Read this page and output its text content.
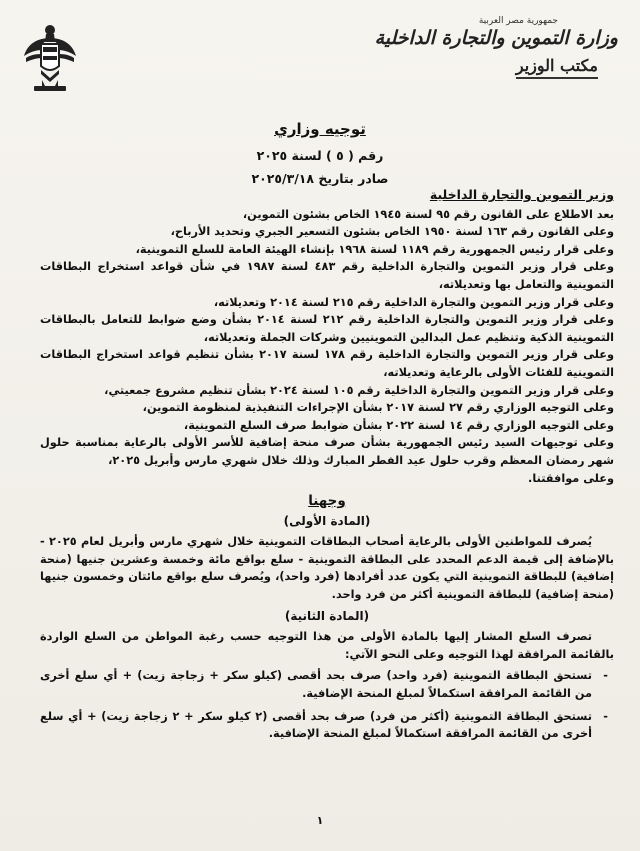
جمهورية مصر العربية
وزارة التموين والتجارة الداخلية
مكتب الوزير
توجيه وزاري
رقم ( ٥ ) لسنة ٢٠٢٥
صادر بتاريخ ٢٠٢٥/٣/١٨
وزير التموين والتجارة الداخلية

بعد الاطلاع على القانون رقم ٩٥ لسنة ١٩٤٥ الخاص بشئون التموين،

وعلى القانون رقم ١٦٣ لسنة ١٩٥٠ الخاص بشئون التسعير الجبري وتحديد الأرباح،

وعلى قرار رئيس الجمهورية رقم ١١٨٩ لسنة ١٩٦٨ بإنشاء الهيئة العامة للسلع التموينية،

وعلى قرار وزير التموين والتجارة الداخلية رقم ٤٨٣ لسنة ١٩٨٧ في شأن قواعد استخراج البطاقات التموينية والتعامل بها وتعديلاته،

وعلى قرار وزير التموين والتجارة الداخلية رقم ٢١٥ لسنة ٢٠١٤ وتعديلاته،

وعلى قرار وزير التموين والتجارة الداخلية رقم ٢١٢ لسنة ٢٠١٤ بشأن وضع ضوابط للتعامل بالبطاقات التموينية الذكية وتنظيم عمل البدالين التموينيين وشركات الجملة وتعديلاته،

وعلى قرار وزير التموين والتجارة الداخلية رقم ١٧٨ لسنة ٢٠١٧ بشأن تنظيم قواعد استخراج البطاقات التموينية للفئات الأولى بالرعاية وتعديلاته،

وعلى قرار وزير التموين والتجارة الداخلية رقم ١٠٥ لسنة ٢٠٢٤ بشأن تنظيم مشروع جمعيتي،

وعلى التوجيه الوزاري رقم ٢٧ لسنة ٢٠١٧ بشأن الإجراءات التنفيذية لمنظومة التموين،

وعلى التوجيه الوزاري رقم ١٤ لسنة ٢٠٢٢ بشأن ضوابط صرف السلع التموينية،

وعلى توجيهات السيد رئيس الجمهورية بشأن صرف منحة إضافية للأسر الأولى بالرعاية بمناسبة حلول شهر رمضان المعظم وقرب حلول عيد الفطر المبارك وذلك خلال شهري مارس وأبريل ٢٠٢٥،

وعلى موافقتنا.

وجهنا
(المادة الأولى)

يُصرف للمواطنين الأولى بالرعاية أصحاب البطاقات التموينية خلال شهري مارس وأبريل لعام ٢٠٢٥ - بالإضافة إلى قيمة الدعم المحدد على البطاقة التموينية - سلع بواقع مائة وخمسة وعشرين جنيها (منحة إضافية) للبطاقة التموينية التي يكون عدد أفرادها (فرد واحد)، ويُصرف سلع بواقع مائتان وخمسون جنيها (منحة إضافية) للبطاقة التموينية أكثر من فرد واحد.

(المادة الثانية)

تصرف السلع المشار إليها بالمادة الأولى من هذا التوجيه حسب رغبة المواطن من السلع الواردة بالقائمة المرافقة لهذا التوجيه وعلى النحو الآتي:

- تستحق البطاقة التموينية (فرد واحد) صرف بحد أقصى (كيلو سكر + زجاجة زيت) + أي سلع أخرى من القائمة المرافقة استكمالاً لمبلغ المنحة الإضافية.
- تستحق البطاقة التموينية (أكثر من فرد) صرف بحد أقصى (٢ كيلو سكر + ٢ زجاجة زيت) + أي سلع أخرى من القائمة المرافقة استكمالاً لمبلغ المنحة الإضافية.
١
